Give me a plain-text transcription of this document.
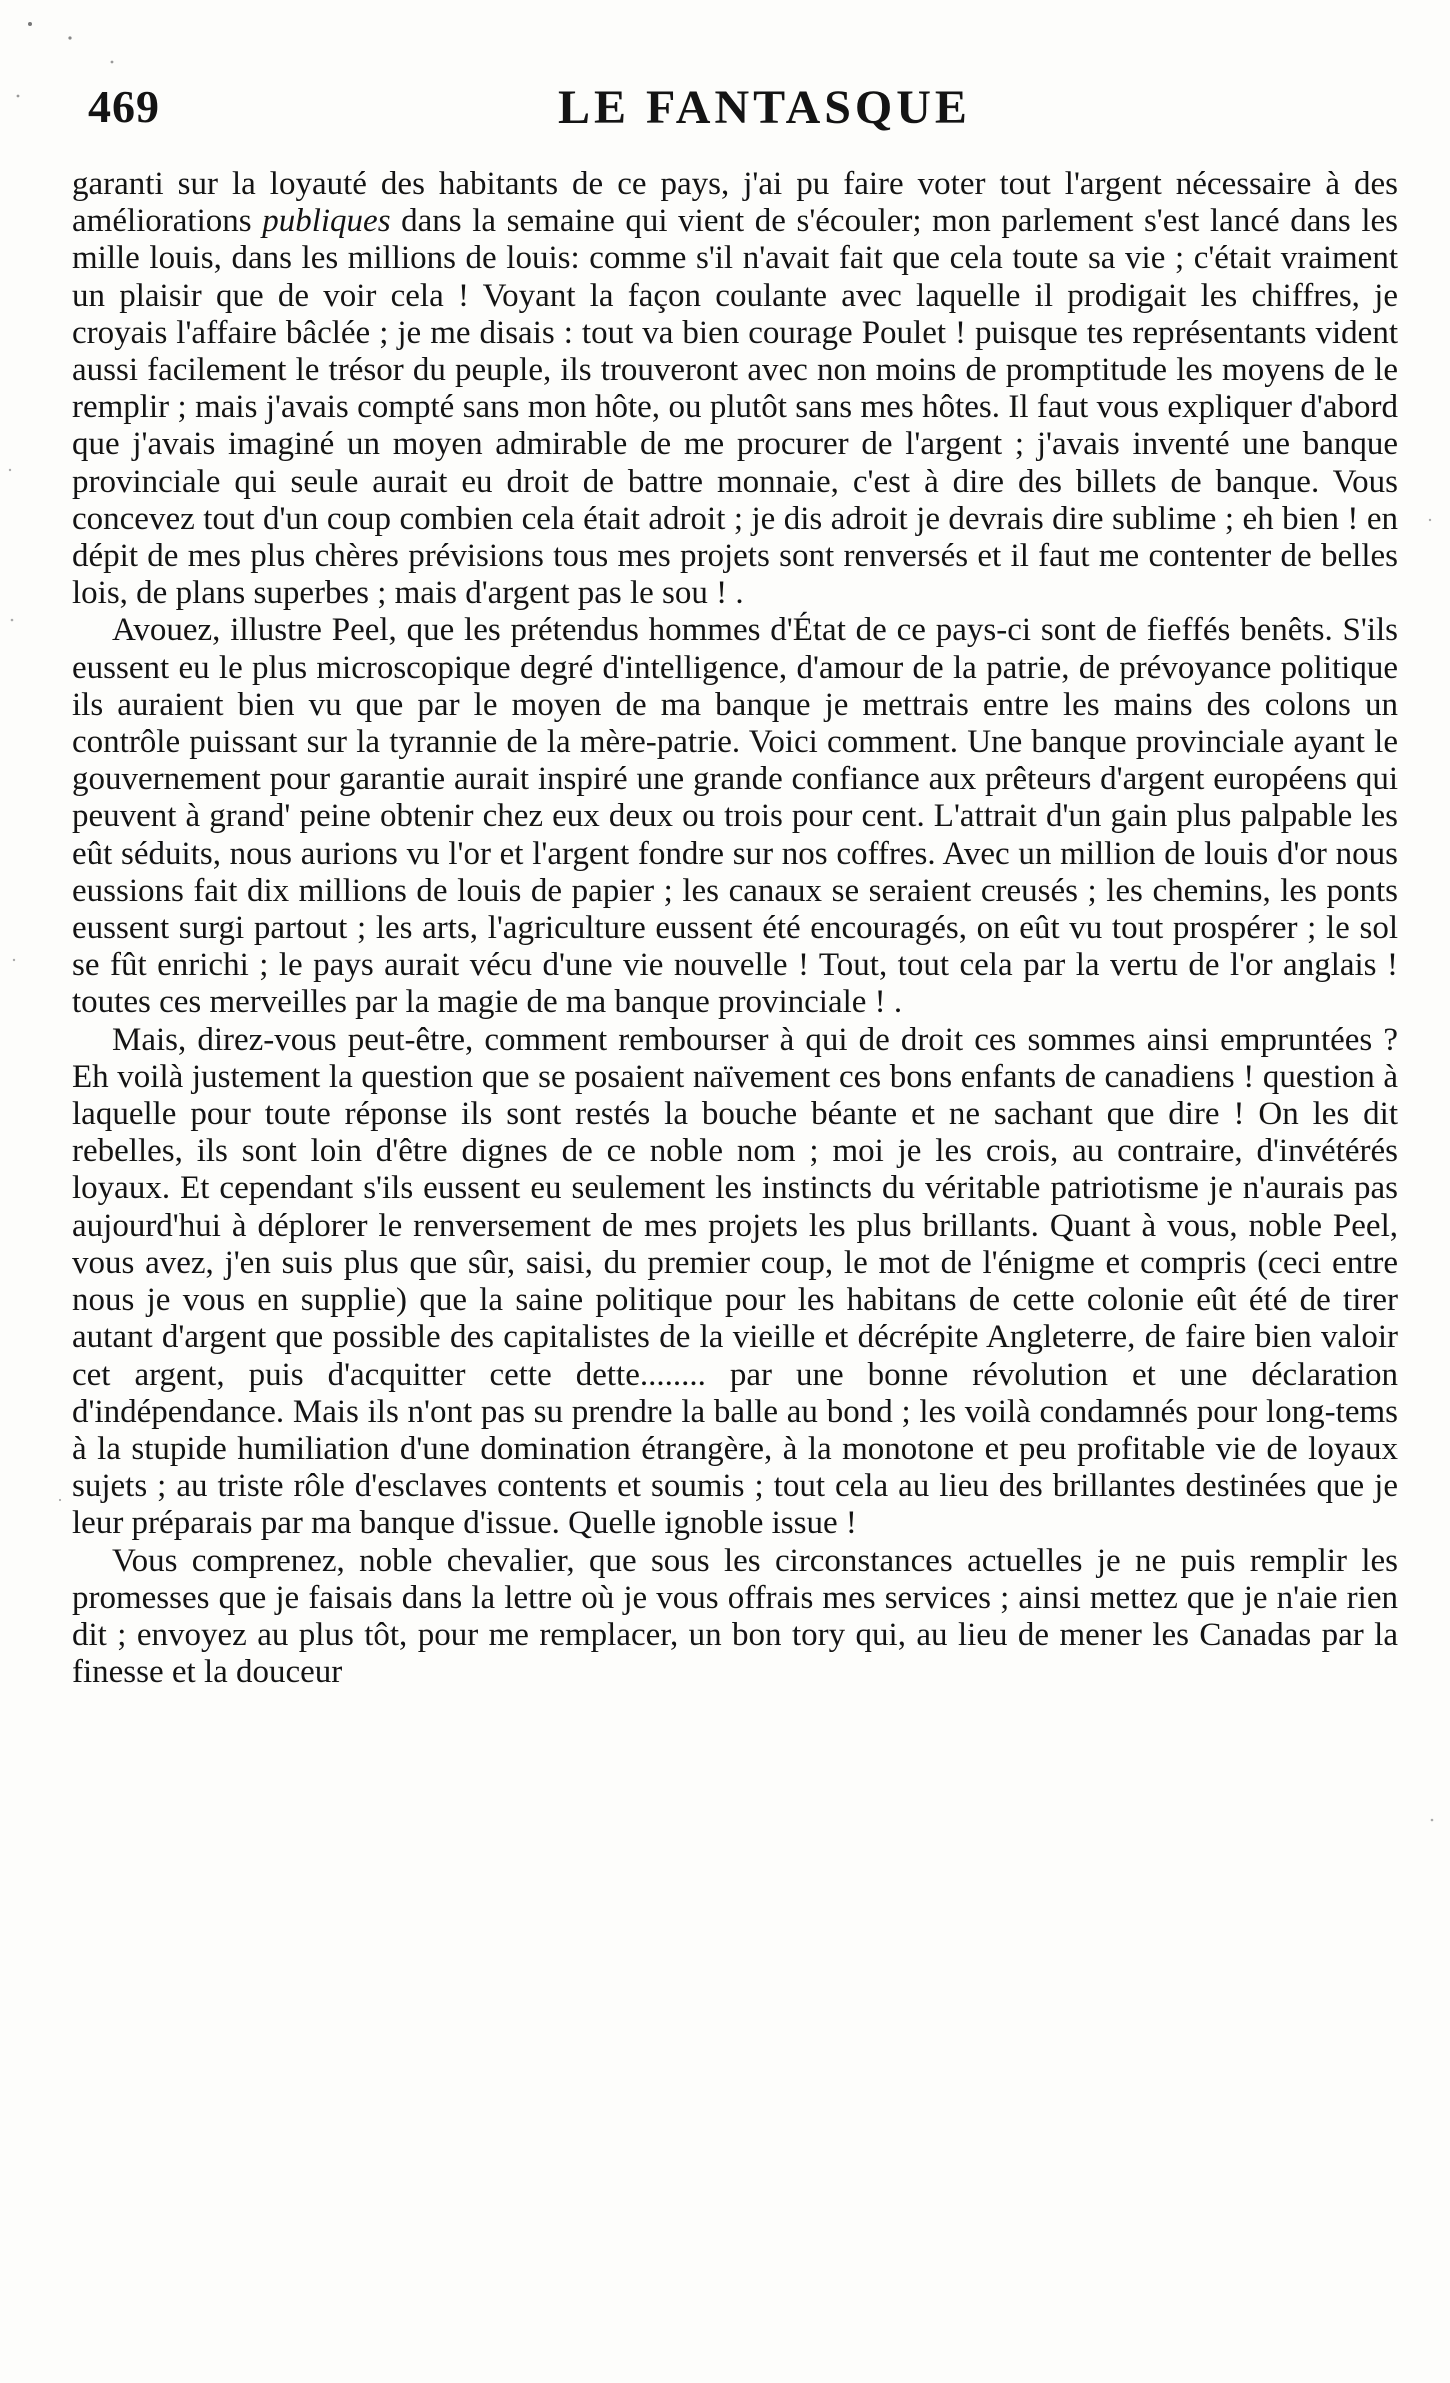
469	LE FANTASQUE

garanti sur la loyauté des habitants de ce pays, j'ai pu faire voter tout l'argent nécessaire à des améliorations publiques dans la semaine qui vient de s'écouler; mon parlement s'est lancé dans les mille louis, dans les millions de louis: comme s'il n'avait fait que cela toute sa vie ; c'était vraiment un plaisir que de voir cela ! Voyant la façon coulante avec laquelle il prodigait les chiffres, je croyais l'affaire bâclée ; je me disais : tout va bien courage Poulet ! puisque tes représentants vident aussi facilement le trésor du peuple, ils trouveront avec non moins de promptitude les moyens de le remplir ; mais j'avais compté sans mon hôte, ou plutôt sans mes hôtes. Il faut vous expliquer d'abord que j'avais imaginé un moyen admirable de me procurer de l'argent ; j'avais inventé une banque provinciale qui seule aurait eu droit de battre monnaie, c'est à dire des billets de banque. Vous concevez tout d'un coup combien cela était adroit ; je dis adroit je devrais dire sublime ; eh bien ! en dépit de mes plus chères prévisions tous mes projets sont renversés et il faut me contenter de belles lois, de plans superbes ; mais d'argent pas le sou ! .

Avouez, illustre Peel, que les prétendus hommes d'État de ce pays-ci sont de fieffés benêts. S'ils eussent eu le plus microscopique degré d'intelligence, d'amour de la patrie, de prévoyance politique ils auraient bien vu que par le moyen de ma banque je mettrais entre les mains des colons un contrôle puissant sur la tyrannie de la mère-patrie. Voici comment. Une banque provinciale ayant le gouvernement pour garantie aurait inspiré une grande confiance aux prêteurs d'argent européens qui peuvent à grand' peine obtenir chez eux deux ou trois pour cent. L'attrait d'un gain plus palpable les eût séduits, nous aurions vu l'or et l'argent fondre sur nos coffres. Avec un million de louis d'or nous eussions fait dix millions de louis de papier ; les canaux se seraient creusés ; les chemins, les ponts eussent surgi partout ; les arts, l'agriculture eussent été encouragés, on eût vu tout prospérer ; le sol se fût enrichi ; le pays aurait vécu d'une vie nouvelle ! Tout, tout cela par la vertu de l'or anglais ! toutes ces merveilles par la magie de ma banque provinciale ! .

Mais, direz-vous peut-être, comment rembourser à qui de droit ces sommes ainsi empruntées ? Eh voilà justement la question que se posaient naïvement ces bons enfants de canadiens ! question à laquelle pour toute réponse ils sont restés la bouche béante et ne sachant que dire ! On les dit rebelles, ils sont loin d'être dignes de ce noble nom ; moi je les crois, au contraire, d'invétérés loyaux. Et cependant s'ils eussent eu seulement les instincts du véritable patriotisme je n'aurais pas aujourd'hui à déplorer le renversement de mes projets les plus brillants. Quant à vous, noble Peel, vous avez, j'en suis plus que sûr, saisi, du premier coup, le mot de l'énigme et compris (ceci entre nous je vous en supplie) que la saine politique pour les habitans de cette colonie eût été de tirer autant d'argent que possible des capitalistes de la vieille et décrépite Angleterre, de faire bien valoir cet argent, puis d'acquitter cette dette........ par une bonne révolution et une déclaration d'indépendance. Mais ils n'ont pas su prendre la balle au bond ; les voilà condamnés pour long-tems à la stupide humiliation d'une domination étrangère, à la monotone et peu profitable vie de loyaux sujets ; au triste rôle d'esclaves contents et soumis ; tout cela au lieu des brillantes destinées que je leur préparais par ma banque d'issue. Quelle ignoble issue !

Vous comprenez, noble chevalier, que sous les circonstances actuelles je ne puis remplir les promesses que je faisais dans la lettre où je vous offrais mes services ; ainsi mettez que je n'aie rien dit ; envoyez au plus tôt, pour me remplacer, un bon tory qui, au lieu de mener les Canadas par la finesse et la douceur
